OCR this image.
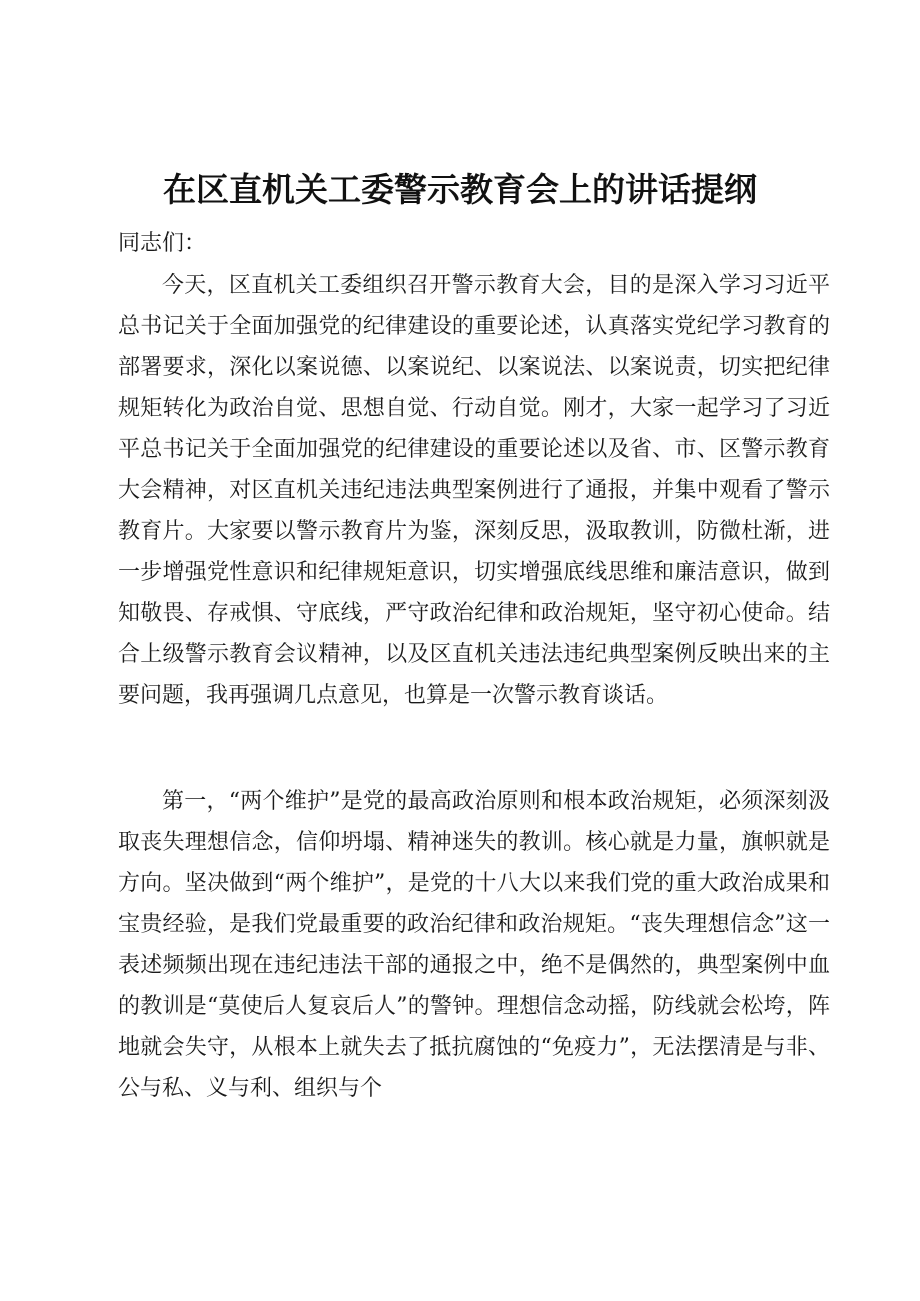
在区直机关工委警示教育会上的讲话提纲
同志们：

今天，区直机关工委组织召开警示教育大会，目的是深入学习习近平总书记关于全面加强党的纪律建设的重要论述，认真落实党纪学习教育的部署要求，深化以案说德、以案说纪、以案说法、以案说责，切实把纪律规矩转化为政治自觉、思想自觉、行动自觉。刚才，大家一起学习了习近平总书记关于全面加强党的纪律建设的重要论述以及省、市、区警示教育大会精神，对区直机关违纪违法典型案例进行了通报，并集中观看了警示教育片。大家要以警示教育片为鉴，深刻反思，汲取教训，防微杜渐，进一步增强党性意识和纪律规矩意识，切实增强底线思维和廉洁意识，做到知敬畏、存戒惧、守底线，严守政治纪律和政治规矩，坚守初心使命。结合上级警示教育会议精神，以及区直机关违法违纪典型案例反映出来的主要问题，我再强调几点意见，也算是一次警示教育谈话。

第一，“两个维护”是党的最高政治原则和根本政治规矩，必须深刻汲取丧失理想信念，信仰坍塌、精神迷失的教训。核心就是力量，旗帜就是方向。坚决做到“两个维护”，是党的十八大以来我们党的重大政治成果和宝贵经验，是我们党最重要的政治纪律和政治规矩。“丧失理想信念”这一表述频频出现在违纪违法干部的通报之中，绝不是偶然的，典型案例中血的教训是“莫使后人复哀后人”的警钟。理想信念动摇，防线就会松垮，阵地就会失守，从根本上就失去了抵抗腐蚀的“免疫力”，无法摆清是与非、公与私、义与利、组织与个
